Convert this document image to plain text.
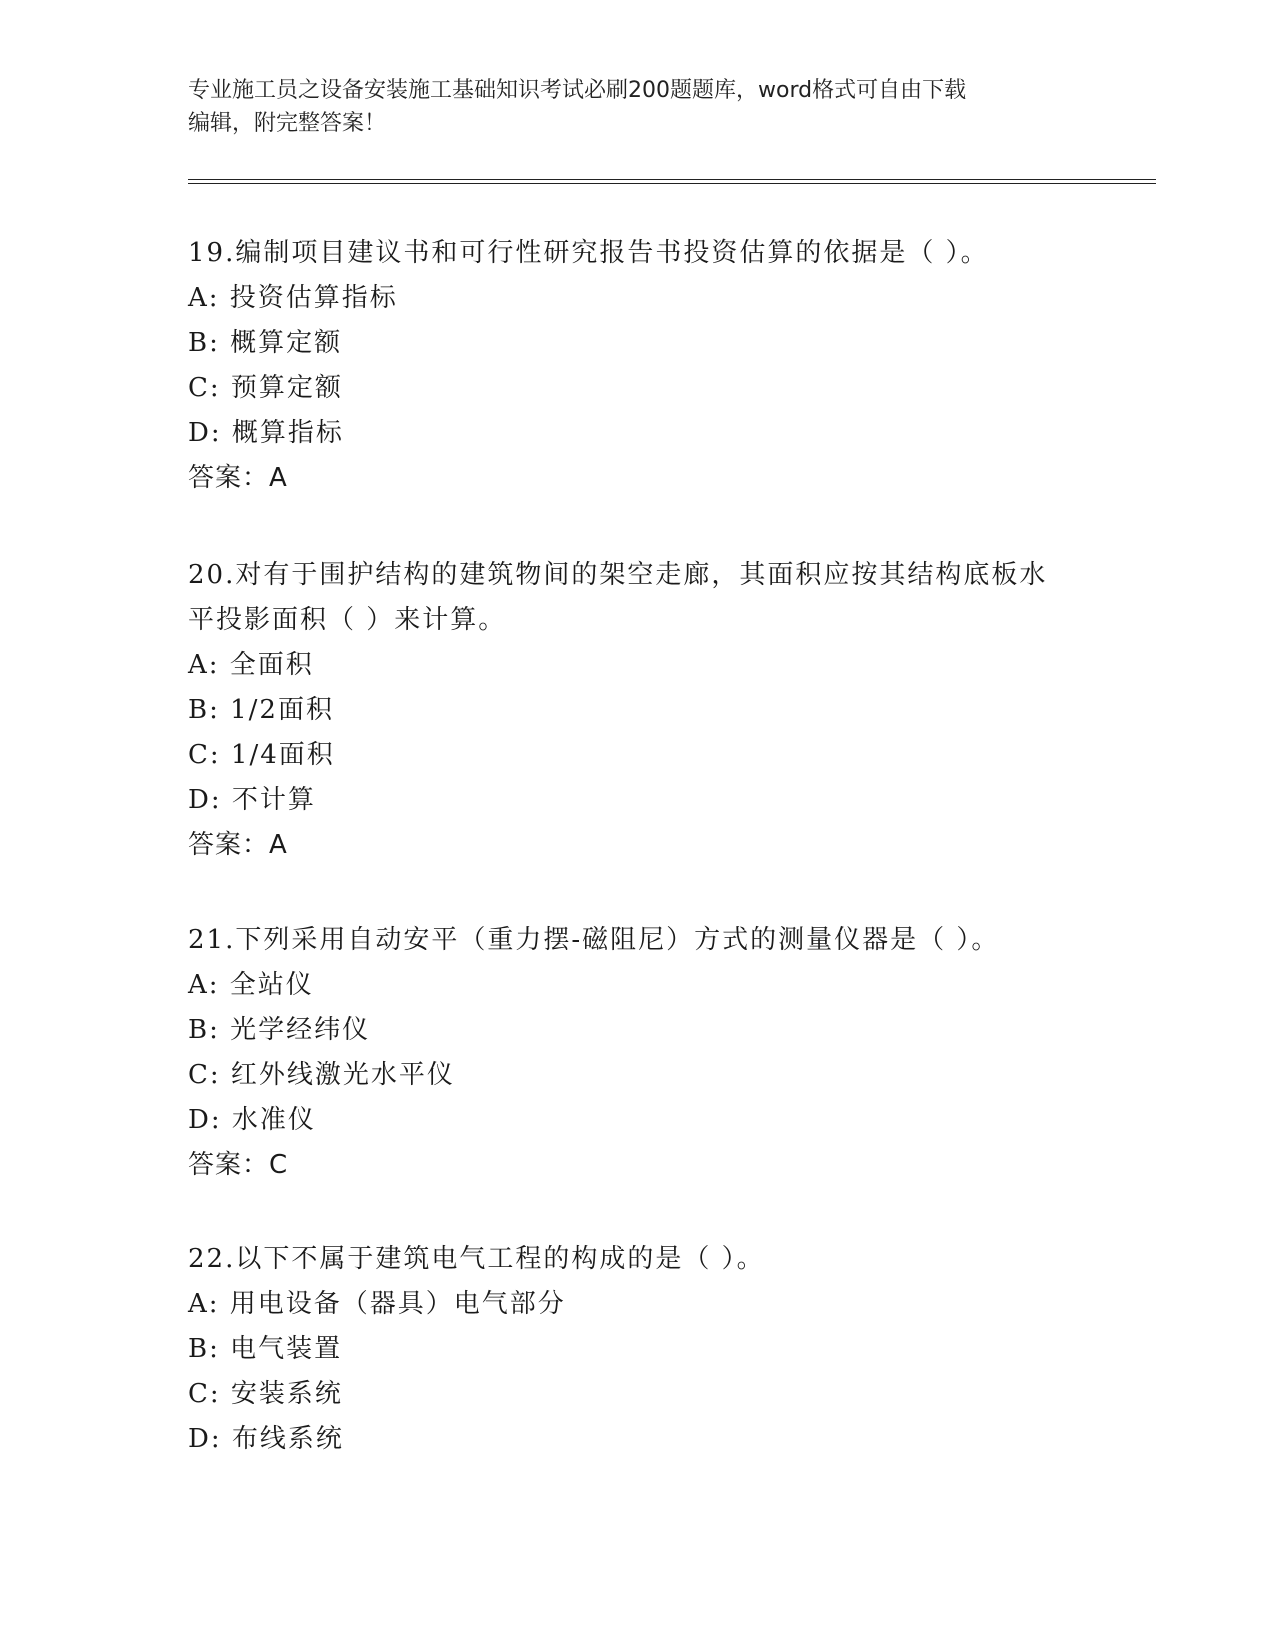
专业施工员之设备安装施工基础知识考试必刷200题题库，word格式可自由下载
编辑，附完整答案！
19.编制项目建议书和可行性研究报告书投资估算的依据是（ ）。
A: 投资估算指标
B: 概算定额
C: 预算定额
D: 概算指标
答案：A
20.对有于围护结构的建筑物间的架空走廊，其面积应按其结构底板水
平投影面积（ ）来计算。
A: 全面积
B: 1/2面积
C: 1/4面积
D: 不计算
答案：A
21.下列采用自动安平（重力摆-磁阻尼）方式的测量仪器是（ ）。
A: 全站仪
B: 光学经纬仪
C: 红外线激光水平仪
D: 水准仪
答案：C
22.以下不属于建筑电气工程的构成的是（ ）。
A: 用电设备（器具）电气部分
B: 电气装置
C: 安装系统
D: 布线系统
